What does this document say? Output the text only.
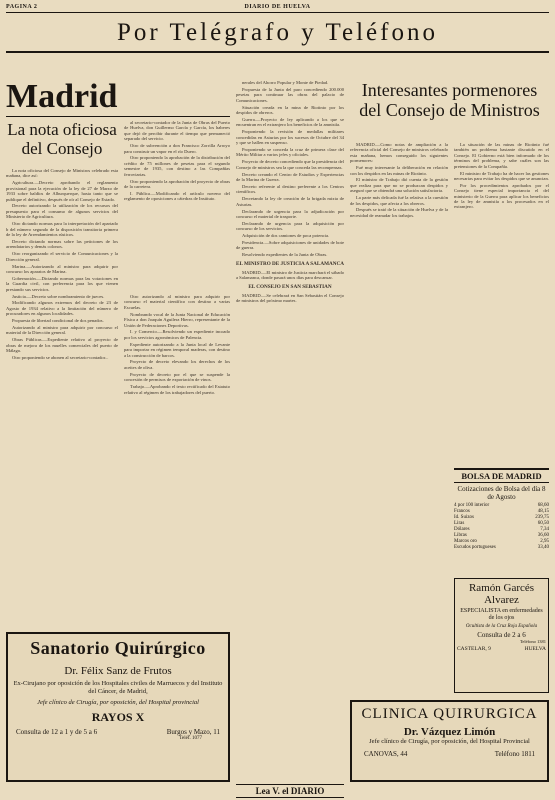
PAGINA 2	DIARIO DE HUELVA
Por Telégrafo y Teléfono
Madrid
La nota oficiosa del Consejo
Interesantes pormenores del Consejo de Ministros

La nota oficiosa del Consejo de Ministros celebrado esta mañana, dice así:

Agricultura.—Decreto aprobando el reglamento provisional para la ejecución de la ley de 27 de Marzo de 1933 sobre baldíos de Alburquerque, hasta tanto que se publique el definitivo, después de oír al Consejo de Estado.

Decreto autorizando la utilización de los recursos del presupuesto para el consumo de algunos servicios del Ministerio de Agricultura.

Otro dictando normas para la interpretación del apartado b del número segundo de la disposición transitoria primera de la ley de Arrendamientos rústicos.

Decreto dictando normas sobre las peticiones de los arrendatarios y demás colonos.

Otro reorganizando el servicio de Comunicaciones y la Dirección general.

Marina.—Autorizando al ministro para adquirir por concurso los aparatos de Marina.

Gobernación.—Dictando normas para las votaciones en la Guardia civil, con preferencia para los que vienen prestando sus servicios.

Justicia.—Decreto sobre nombramiento de jueces.

Modificando algunos extremos del decreto de 23 de Agosto de 1934 relativo a la limitación del número de procuradores en algunos localidades.

Propuesta de libertad condicional de dos penados.

Autorizando al ministro para adquirir por concurso el material de la Dirección general.

Obras Públicas.—Expediente relativo al proyecto de obras de mejora de los muelles comerciales del puerto de Málaga.

Otro proponiendo se abonen al secretario-contador...

al secretario-contador de la Junta de Obras del Puerto de Huelva, don Guillermo García y García, los haberes que dejó de percibir durante el tiempo que permaneció separado del servicio.

Otro de subvención a don Francisco Zorrilla Arroyo para construir un vapor en el río Duero.

Otro proponiendo la aprobación de la distribución del crédito de 75 millones de pesetas para el segundo semestre de 1935, con destino a las Compañías ferroviarias.

Otro proponiendo la aprobación del proyecto de obras de la carretera.

I. Pública.—Modificando el artículo noveno del reglamento de oposiciones a cátedras de Instituto.

Otro autorizando al ministro para adquirir por concurso el material científico con destino a varias Escuelas.

Nombrando vocal de la Junta Nacional de Educación Física a don Joaquín Aguilera Hierro, representante de la Unión de Federaciones Deportivas.

I. y Comercio.—Resolviendo un expediente incoado por los servicios agronómicos de Palencia.

Expediente autorizando a la Junta local de Levante para importar en régimen temporal maderas, con destino a la construcción de barcos.

Proyecto de decreto elevando los derechos de los aceites de oliva.

Proyecto de decreto por el que se suspende la concesión de permisos de exportación de vinos.

Trabajo.—Aprobando el texto rectificado del Estatuto relativo al régimen de los trabajadores del puerto.

nerales del Ahorro Popular y Monte de Piedad.

Propuesta de la Junta del paro concediendo 200.000 pesetas para continuar las obras del palacio de Comunicaciones.

Situación creada en la mina de Riotinto por los despidos de obreros.

Guerra.—Proyecto de ley aplicando a los que se encuentran en el extranjero los beneficios de la amnistía.

Proponiendo la revisión de medallas militares concedidas en Asturias por los sucesos de Octubre del 34 y que se hallen en suspenso.

Proponiendo se conceda la cruz de primera clase del Mérito Militar a varios jefes y oficiales.

Proyecto de decreto concediendo que la presidencia del Consejo de ministros sea la que conceda las recompensas.

Decreto creando el Centro de Estudios y Experiencias de la Marina de Guerra.

Decreto referente al destino preferente a los Centros científicos.

Decretando la ley de creación de la brigada mixta de Asturias.

Declarando de urgencia para la adjudicación por concurso el material de trasporte.

Declarando de urgencia para la adquisición por concurso de los servicios.

Adquisición de dos camiones de poca potencia.

Presidencia.—Sobre adquisiciones de unidades de bote de guerra.

Resolviendo expedientes de la Junta de Obras.

EL MINISTRO DE JUSTICIA A SALAMANCA

MADRID.—El ministro de Justicia marchará el sábado a Salamanca, donde pasará unos días para descansar.

EL CONSEJO EN SAN SEBASTIAN

MADRID.—Se celebrará en San Sebastián el Consejo de ministros del próximo martes.

MADRID.—Como notas de ampliación a la referencia oficial del Consejo de ministros celebrado esta mañana, hemos conseguido los siguientes pormenores:

Fué muy interesante la deliberación en relación con los despidos en las minas de Riotinto.

El ministro de Trabajo dió cuenta de la gestión que realiza para que no se produzcan despidos y aseguró que se obtendrá una solución satisfactoria.

La parte más delicada fué la relativa a la cuestión de los despidos, que afecta a los obreros.

Después se trató de la situación de Huelva y de la necesidad de reanudar los trabajos.

La situación de las minas de Riotinto fué también un problema bastante discutido en el Consejo. El Gobierno está bien informado de los términos del problema, y sabe cuáles son las pretensiones de la Compañía.

El ministro de Trabajo ha de hacer las gestiones necesarias para evitar los despidos que se anuncian.

Por los procedimientos aprobados por el Consejo tiene especial importancia el del ministerio de la Guerra para aplicar los beneficios de la ley de amnistía a los procesados en el extranjero.

BOLSA DE MADRID
Cotizaciones de Bolsa del día 8 de Agosto
4 por 100 interior	68,60
Francos	48,15
Id. Suizos	239,75
Liras	60,50
Dólares	7,34
Libras	36,60
Marcos oro	2,95
Escudos portugueses	33,40
Ramón Garcés Alvarez
ESPECIALISTA en enfermedades de los ojos
Ocultista de la Cruz Roja Española
Consulta de 2 a 6
Teléfono 1381
CASTELAR, 9	HUELVA
Sanatorio Quirúrgico
Dr. Félix Sanz de Frutos
Ex-Cirujano por oposición de los Hospitales civiles de Marruecos y del Instituto del Cáncer, de Madrid,
Jefe clínico de Cirugía, por oposición, del Hospital provincial
RAYOS X
Consulta de 12 a 1 y de 5 a 6	Burgos y Mazo, 11
Teléf. 1077
Lea V. el DIARIO
CLINICA QUIRURGICA
Dr. Vázquez Limón
Jefe clínico de Cirugía, por oposición, del Hospital Provincial
CANOVAS, 44	Teléfono 1811
